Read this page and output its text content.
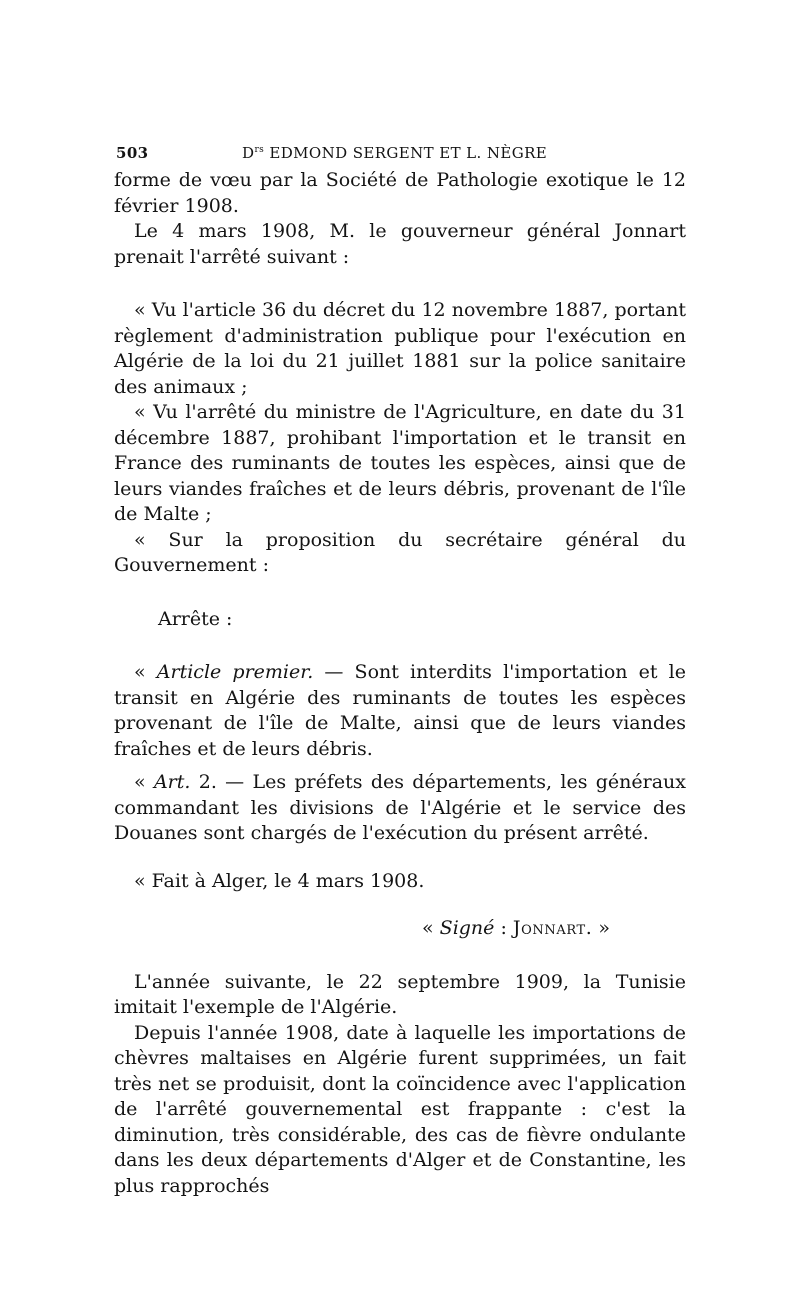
503	$D^{rs}$ EDMOND SERGENT ET L. NÈGRE

forme de vœu par la Société de Pathologie exotique le 12 février 1908.

Le 4 mars 1908, M. le gouverneur général Jonnart prenait l'arrêté suivant :

« Vu l'article 36 du décret du 12 novembre 1887, portant règlement d'administration publique pour l'exécution en Algérie de la loi du 21 juillet 1881 sur la police sanitaire des animaux ;

« Vu l'arrêté du ministre de l'Agriculture, en date du 31 décembre 1887, prohibant l'importation et le transit en France des ruminants de toutes les espèces, ainsi que de leurs viandes fraîches et de leurs débris, provenant de l'île de Malte ;

« Sur la proposition du secrétaire général du Gouvernement :

Arrête :

« Article premier. — Sont interdits l'importation et le transit en Algérie des ruminants de toutes les espèces provenant de l'île de Malte, ainsi que de leurs viandes fraîches et de leurs débris.

« Art. 2. — Les préfets des départements, les généraux commandant les divisions de l'Algérie et le service des Douanes sont chargés de l'exécution du présent arrêté.

« Fait à Alger, le 4 mars 1908.

« Signé : Jonnart. »

L'année suivante, le 22 septembre 1909, la Tunisie imitait l'exemple de l'Algérie.

Depuis l'année 1908, date à laquelle les importations de chèvres maltaises en Algérie furent supprimées, un fait très net se produisit, dont la coïncidence avec l'application de l'arrêté gouvernemental est frappante : c'est la diminution, très considérable, des cas de fièvre ondulante dans les deux départements d'Alger et de Constantine, les plus rapprochés
